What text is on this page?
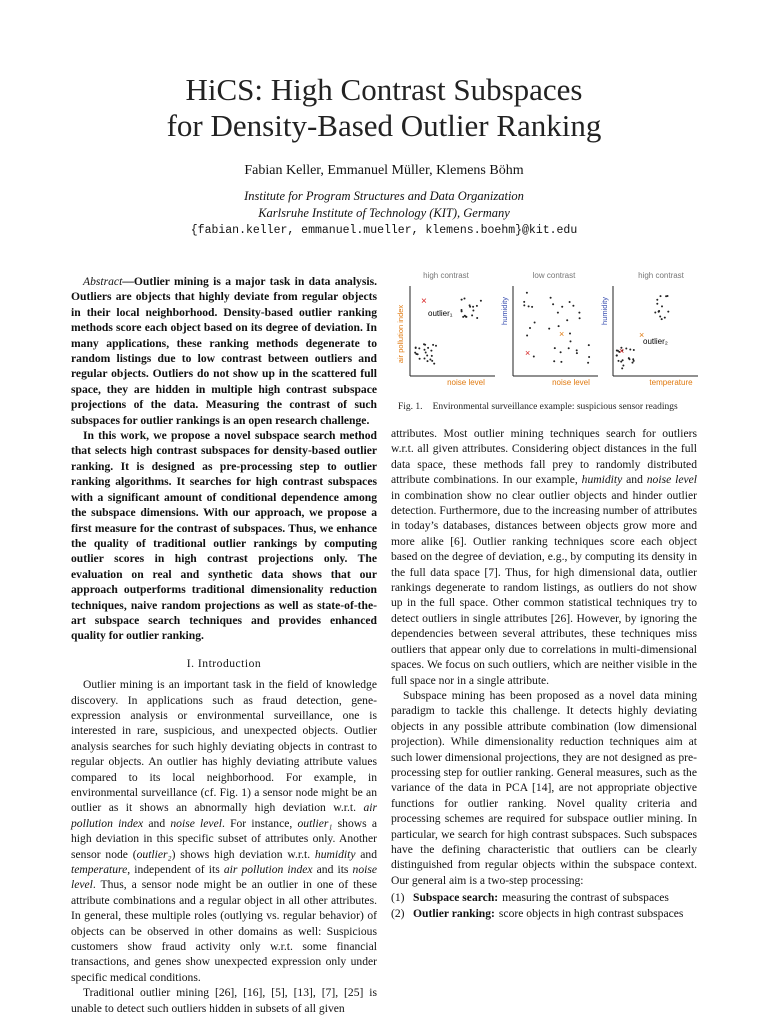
HiCS: High Contrast Subspaces
for Density-Based Outlier Ranking
Fabian Keller, Emmanuel Müller, Klemens Böhm
Institute for Program Structures and Data Organization
Karlsruhe Institute of Technology (KIT), Germany
{fabian.keller, emmanuel.mueller, klemens.boehm}@kit.edu

Abstract—Outlier mining is a major task in data analysis. Outliers are objects that highly deviate from regular objects in their local neighborhood. Density-based outlier ranking methods score each object based on its degree of deviation. In many applications, these ranking methods degenerate to random listings due to low contrast between outliers and regular objects. Outliers do not show up in the scattered full space, they are hidden in multiple high contrast subspace projections of the data. Measuring the contrast of such subspaces for outlier rankings is an open research challenge.

In this work, we propose a novel subspace search method that selects high contrast subspaces for density-based outlier ranking. It is designed as pre-processing step to outlier ranking algorithms. It searches for high contrast subspaces with a significant amount of conditional dependence among the subspace dimensions. With our approach, we propose a first measure for the contrast of subspaces. Thus, we enhance the quality of traditional outlier rankings by computing outlier scores in high contrast projections only. The evaluation on real and synthetic data shows that our approach outperforms traditional dimensionality reduction techniques, naive random projections as well as state-of-the-art subspace search techniques and provides enhanced quality for outlier ranking.

I. Introduction

Outlier mining is an important task in the field of knowledge discovery. In applications such as fraud detection, gene-expression analysis or environmental surveillance, one is interested in rare, suspicious, and unexpected objects. Outlier analysis searches for such highly deviating objects in contrast to regular objects. An outlier has highly deviating attribute values compared to its local neighborhood. For example, in environmental surveillance (cf. Fig. 1) a sensor node might be an outlier as it shows an abnormally high deviation w.r.t. air pollution index and noise level. For instance, outlier₁ shows a high deviation in this specific subset of attributes only. Another sensor node (outlier₂) shows high deviation w.r.t. humidity and temperature, independent of its air pollution index and its noise level. Thus, a sensor node might be an outlier in one of these attribute combinations and a regular object in all other attributes. In general, these multiple roles (outlying vs. regular behavior) of objects can be observed in other domains as well: Suspicious customers show fraud activity only w.r.t. some financial transactions, and genes show unexpected expression only under specific medical conditions.

Traditional outlier mining [26], [16], [5], [13], [7], [25] is unable to detect such outliers hidden in subsets of all given

high contrast
noise level
air pollution index
×
outlier₁
low contrast
noise level
humidity
×
×
high contrast
temperature
humidity
×
×
outlier₂
Fig. 1. Environmental surveillance example: suspicious sensor readings

attributes. Most outlier mining techniques search for outliers w.r.t. all given attributes. Considering object distances in the full data space, these methods fall prey to randomly distributed attribute combinations. In our example, humidity and noise level in combination show no clear outlier objects and hinder outlier detection. Furthermore, due to the increasing number of attributes in today’s databases, distances between objects grow more and more alike [6]. Outlier ranking techniques score each object based on the degree of deviation, e.g., by computing its density in the full data space [7]. Thus, for high dimensional data, outlier rankings degenerate to random listings, as outliers do not show up in the full space. Other common statistical techniques try to detect outliers in single attributes [26]. However, by ignoring the dependencies between several attributes, these techniques miss outliers that appear only due to correlations in multi-dimensional spaces. We focus on such outliers, which are neither visible in the full space nor in a single attribute.

Subspace mining has been proposed as a novel data mining paradigm to tackle this challenge. It detects highly deviating objects in any possible attribute combination (low dimensional projection). While dimensionality reduction techniques aim at such lower dimensional projections, they are not designed as pre-processing step for outlier ranking. General measures, such as the variance of the data in PCA [14], are not appropriate objective functions for outlier ranking. Novel quality criteria and processing schemes are required for subspace outlier mining. In particular, we search for high contrast subspaces. Such subspaces have the defining characteristic that outliers can be clearly distinguished from regular objects within the subspace context. Our general aim is a two-step processing:

(1) Subspace search: measuring the contrast of subspaces
(2) Outlier ranking: score objects in high contrast subspaces
